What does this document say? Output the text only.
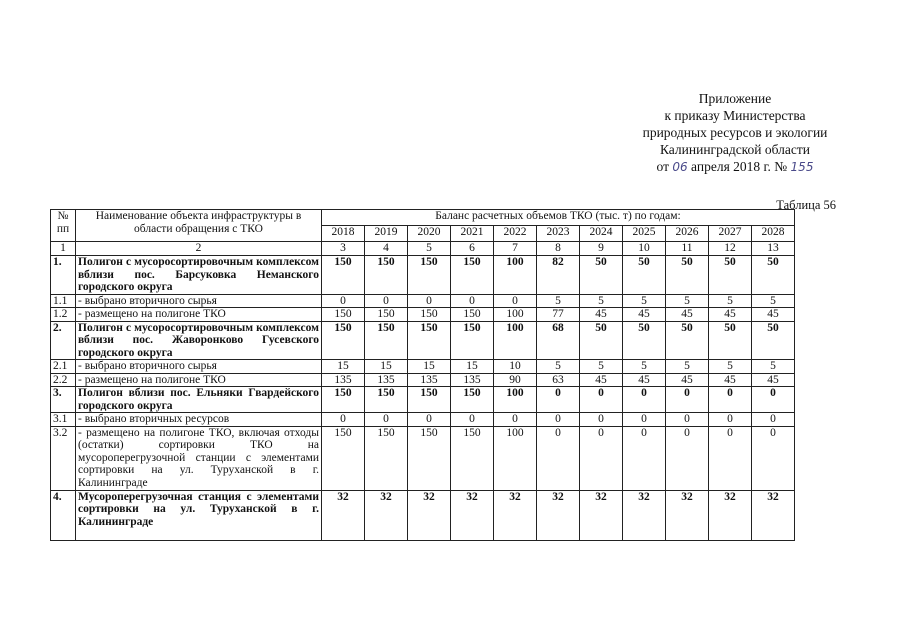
Приложение
к приказу Министерства
природных ресурсов и экологии
Калининградской области
от 06 апреля 2018 г. № 155
Таблица 56
№ пп	Наименование объекта инфраструктуры в области обращения с ТКО	Баланс расчетных объемов ТКО (тыс. т) по годам:										
		2018	2019	2020	2021	2022	2023	2024	2025	2026	2027	2028
1	2	3	4	5	6	7	8	9	10	11	12	13
1.	Полигон с мусоросортировочным комплексом вблизи пос. Барсуковка Неманского городского округа	150	150	150	150	100	82	50	50	50	50	50
1.1	- выбрано вторичного сырья	0	0	0	0	0	5	5	5	5	5	5
1.2	- размещено на полигоне ТКО	150	150	150	150	100	77	45	45	45	45	45
2.	Полигон с мусоросортировочным комплексом вблизи пос. Жаворонково Гусевского городского округа	150	150	150	150	100	68	50	50	50	50	50
2.1	- выбрано вторичного сырья	15	15	15	15	10	5	5	5	5	5	5
2.2	- размещено на полигоне ТКО	135	135	135	135	90	63	45	45	45	45	45
3.	Полигон вблизи пос. Ельняки Гвардейского городского округа	150	150	150	150	100	0	0	0	0	0	0
3.1	- выбрано вторичных ресурсов	0	0	0	0	0	0	0	0	0	0	0
3.2	- размещено на полигоне ТКО, включая отходы (остатки) сортировки ТКО на мусороперегрузочной станции с элементами сортировки на ул. Туруханской в г. Калининграде	150	150	150	150	100	0	0	0	0	0	0
4.	Мусороперегрузочная станция с элементами сортировки на ул. Туруханской в г. Калининграде	32	32	32	32	32	32	32	32	32	32	32
